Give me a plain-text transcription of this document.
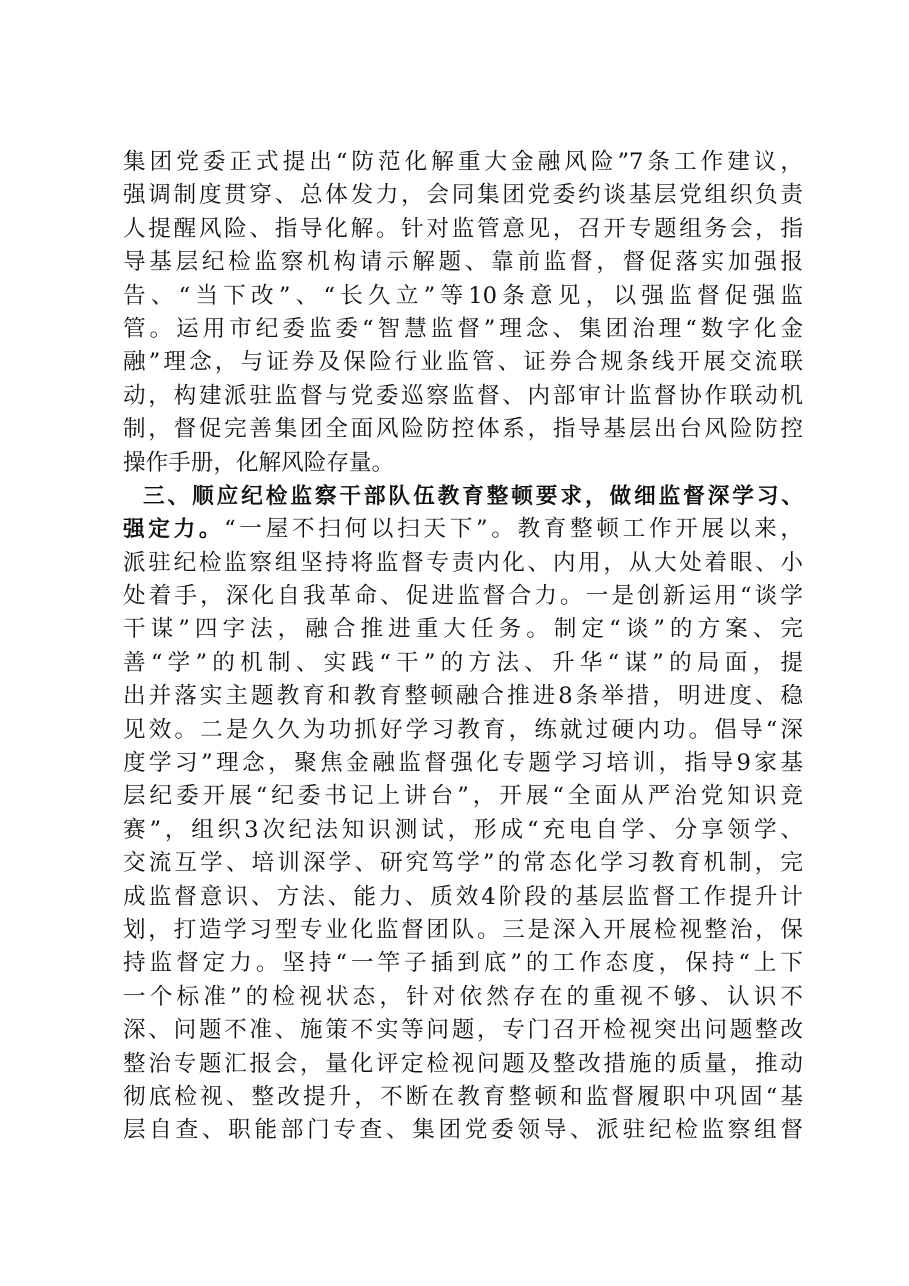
集团党委正式提出“防范化解重大金融风险”7条工作建议，
强调制度贯穿、总体发力，会同集团党委约谈基层党组织负责
人提醒风险、指导化解。针对监管意见，召开专题组务会，指
导基层纪检监察机构请示解题、靠前监督，督促落实加强报
告、“当下改”、“长久立”等10条意见，以强监督促强监
管。运用市纪委监委“智慧监督”理念、集团治理“数字化金
融”理念，与证券及保险行业监管、证券合规条线开展交流联
动，构建派驻监督与党委巡察监督、内部审计监督协作联动机
制，督促完善集团全面风险防控体系，指导基层出台风险防控
操作手册，化解风险存量。
三、顺应纪检监察干部队伍教育整顿要求，做细监督深学习、
强定力。“一屋不扫何以扫天下”。教育整顿工作开展以来，
派驻纪检监察组坚持将监督专责内化、内用，从大处着眼、小
处着手，深化自我革命、促进监督合力。一是创新运用“谈学
干谋”四字法，融合推进重大任务。制定“谈”的方案、完
善“学”的机制、实践“干”的方法、升华“谋”的局面，提
出并落实主题教育和教育整顿融合推进8条举措，明进度、稳
见效。二是久久为功抓好学习教育，练就过硬内功。倡导“深
度学习”理念，聚焦金融监督强化专题学习培训，指导9家基
层纪委开展“纪委书记上讲台”，开展“全面从严治党知识竞
赛”，组织3次纪法知识测试，形成“充电自学、分享领学、
交流互学、培训深学、研究笃学”的常态化学习教育机制，完
成监督意识、方法、能力、质效4阶段的基层监督工作提升计
划，打造学习型专业化监督团队。三是深入开展检视整治，保
持监督定力。坚持“一竿子插到底”的工作态度，保持“上下
一个标准”的检视状态，针对依然存在的重视不够、认识不
深、问题不准、施策不实等问题，专门召开检视突出问题整改
整治专题汇报会，量化评定检视问题及整改措施的质量，推动
彻底检视、整改提升，不断在教育整顿和监督履职中巩固“基
层自查、职能部门专查、集团党委领导、派驻纪检监察组督
